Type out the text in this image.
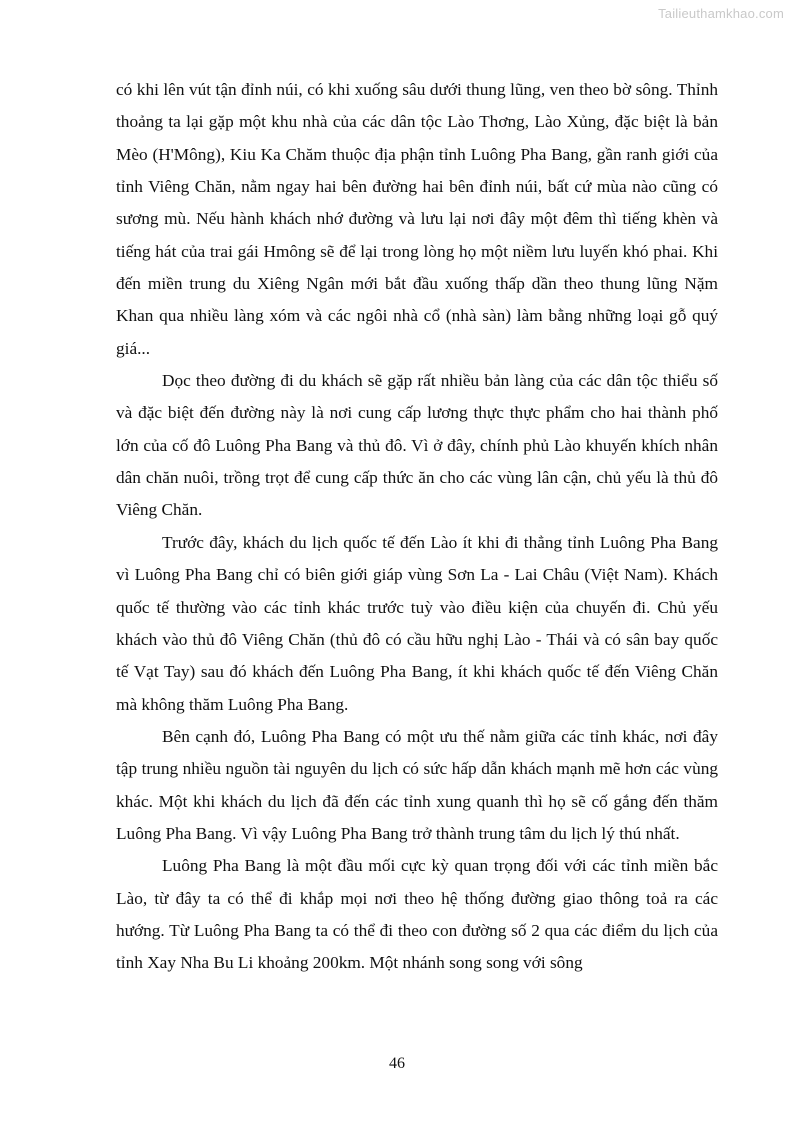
Tailieuthamkhao.com

có khi lên vút tận đỉnh núi, có khi xuống sâu dưới thung lũng, ven theo bờ sông. Thỉnh thoảng ta lại gặp một khu nhà của các dân tộc Lào Thơng, Lào Xủng, đặc biệt là bản Mèo (H'Mông), Kiu Ka Chăm thuộc địa phận tỉnh Luông Pha Bang, gần ranh giới của tỉnh Viêng Chăn, nằm ngay hai bên đường hai bên đỉnh núi, bất cứ mùa nào cũng có sương mù. Nếu hành khách nhớ đường và lưu lại nơi đây một đêm thì tiếng khèn và tiếng hát của trai gái Hmông sẽ để lại trong lòng họ một niềm lưu luyến khó phai. Khi đến miền trung du Xiêng Ngân mới bắt đầu xuống thấp dần theo thung lũng Nặm Khan qua nhiều làng xóm và các ngôi nhà cổ (nhà sàn) làm bằng những loại gỗ quý giá...

Dọc theo đường đi du khách sẽ gặp rất nhiều bản làng của các dân tộc thiểu số và đặc biệt đến đường này là nơi cung cấp lương thực thực phẩm cho hai thành phố lớn của cố đô Luông Pha Bang và thủ đô. Vì ở đây, chính phủ Lào khuyến khích nhân dân chăn nuôi, trồng trọt để cung cấp thức ăn cho các vùng lân cận, chủ yếu là thủ đô Viêng Chăn.

Trước đây, khách du lịch quốc tế đến Lào ít khi đi thẳng tỉnh Luông Pha Bang vì Luông Pha Bang chỉ có biên giới giáp vùng Sơn La - Lai Châu (Việt Nam). Khách quốc tế thường vào các tỉnh khác trước tuỳ vào điều kiện của chuyến đi. Chủ yếu khách vào thủ đô Viêng Chăn (thủ đô có cầu hữu nghị Lào - Thái và có sân bay quốc tế Vạt Tay) sau đó khách đến Luông Pha Bang, ít khi khách quốc tế đến Viêng Chăn mà không thăm Luông Pha Bang.

Bên cạnh đó, Luông Pha Bang có một ưu thế nằm giữa các tỉnh khác, nơi đây tập trung nhiều nguồn tài nguyên du lịch có sức hấp dẫn khách mạnh mẽ hơn các vùng khác. Một khi khách du lịch đã đến các tỉnh xung quanh thì họ sẽ cố gắng đến thăm Luông Pha Bang. Vì vậy Luông Pha Bang trở thành trung tâm du lịch lý thú nhất.

Luông Pha Bang là một đầu mối cực kỳ quan trọng đối với các tỉnh miền bắc Lào, từ đây ta có thể đi khắp mọi nơi theo hệ thống đường giao thông toả ra các hướng. Từ Luông Pha Bang ta có thể đi theo con đường số 2 qua các điểm du lịch của tỉnh Xay Nha Bu Li khoảng 200km. Một nhánh song song với sông

46
